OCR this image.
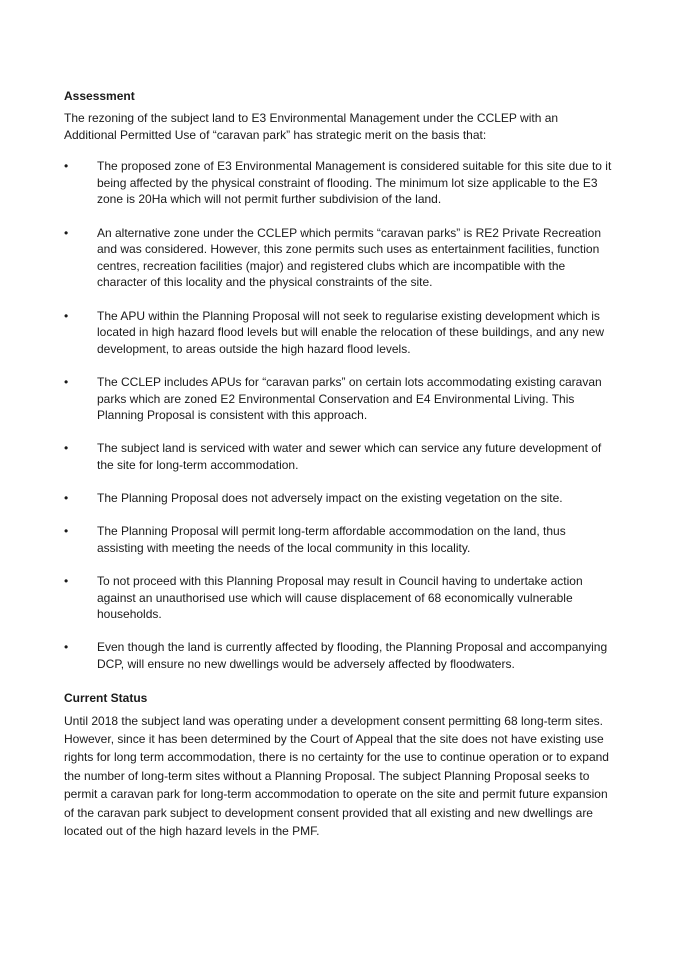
Assessment

The rezoning of the subject land to E3 Environmental Management under the CCLEP with an Additional Permitted Use of “caravan park” has strategic merit on the basis that:

•	The proposed zone of E3 Environmental Management is considered suitable for this site due to it being affected by the physical constraint of flooding. The minimum lot size applicable to the E3 zone is 20Ha which will not permit further subdivision of the land.
•	An alternative zone under the CCLEP which permits “caravan parks” is RE2 Private Recreation and was considered. However, this zone permits such uses as entertainment facilities, function centres, recreation facilities (major) and registered clubs which are incompatible with the character of this locality and the physical constraints of the site.
•	The APU within the Planning Proposal will not seek to regularise existing development which is located in high hazard flood levels but will enable the relocation of these buildings, and any new development, to areas outside the high hazard flood levels.
•	The CCLEP includes APUs for “caravan parks” on certain lots accommodating existing caravan parks which are zoned E2 Environmental Conservation and E4 Environmental Living. This Planning Proposal is consistent with this approach.
•	The subject land is serviced with water and sewer which can service any future development of the site for long-term accommodation.
•	The Planning Proposal does not adversely impact on the existing vegetation on the site.
•	The Planning Proposal will permit long-term affordable accommodation on the land, thus assisting with meeting the needs of the local community in this locality.
•	To not proceed with this Planning Proposal may result in Council having to undertake action against an unauthorised use which will cause displacement of 68 economically vulnerable households.
•	Even though the land is currently affected by flooding, the Planning Proposal and accompanying DCP, will ensure no new dwellings would be adversely affected by floodwaters.
Current Status

Until 2018 the subject land was operating under a development consent permitting 68 long-term sites. However, since it has been determined by the Court of Appeal that the site does not have existing use rights for long term accommodation, there is no certainty for the use to continue operation or to expand the number of long-term sites without a Planning Proposal. The subject Planning Proposal seeks to permit a caravan park for long-term accommodation to operate on the site and permit future expansion of the caravan park subject to development consent provided that all existing and new dwellings are located out of the high hazard levels in the PMF.
